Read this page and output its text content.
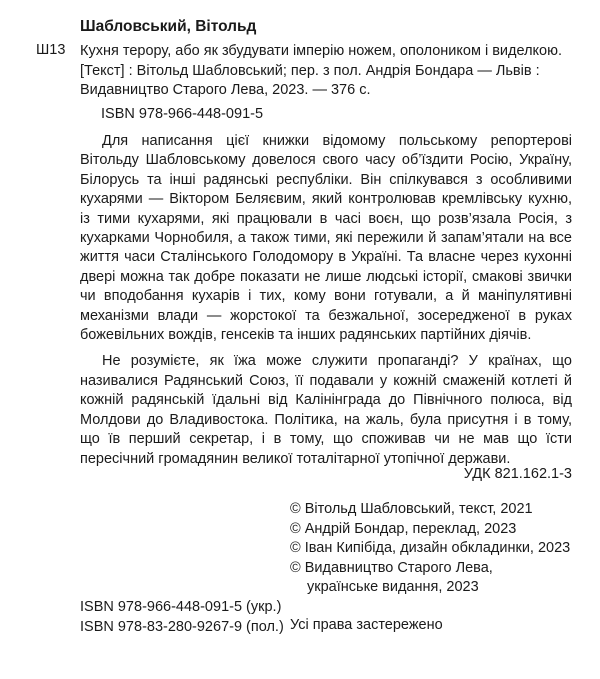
Шабловський, Вітольд
Ш13 Кухня терору, або як збудувати імперію ножем, ополоником і виделкою. [Текст] : Вітольд Шабловський; пер. з пол. Андрія Бондара — Львів : Видавництво Старого Лева, 2023. — 376 с.

ISBN 978-966-448-091-5

Для написання цієї книжки відомому польському репортерові Вітольду Шабловському довелося свого часу об’їздити Росію, Україну, Білорусь та інші радянські республіки. Він спілкувався з особливими кухарями — Віктором Беляєвим, який контролював кремлівську кухню, із тими кухарями, які працювали в часі воєн, що розв’язала Росія, з кухарками Чорнобиля, а також тими, які пережили й запам’ятали на все життя часи Сталінського Голодомору в Україні. Та власне через кухонні двері можна так добре показати не лише людські історії, смакові звички чи вподобання кухарів і тих, кому вони готували, а й маніпулятивні механізми влади — жорстокої та безжальної, зосередженої в руках божевільних вождів, генсеків та інших радянських партійних діячів.

Не розумієте, як їжа може служити пропаганді? У країнах, що називалися Радянський Союз, її подавали у кожній смаженій котлеті й кожній радянській їдальні від Калінінграда до Північного полюса, від Молдови до Владивостока. Політика, на жаль, була присутня і в тому, що їв перший секретар, і в тому, що споживав чи не мав що їсти пересічний громадянин великої тоталітарної утопічної держави.

УДК 821.162.1-3
© Вітольд Шабловський, текст, 2021
© Андрій Бондар, переклад, 2023
© Іван Кипібіда, дизайн обкладинки, 2023
© Видавництво Старого Лева,
українське видання, 2023
ISBN 978-966-448-091-5 (укр.)
ISBN 978-83-280-9267-9 (пол.) Усі права застережено
